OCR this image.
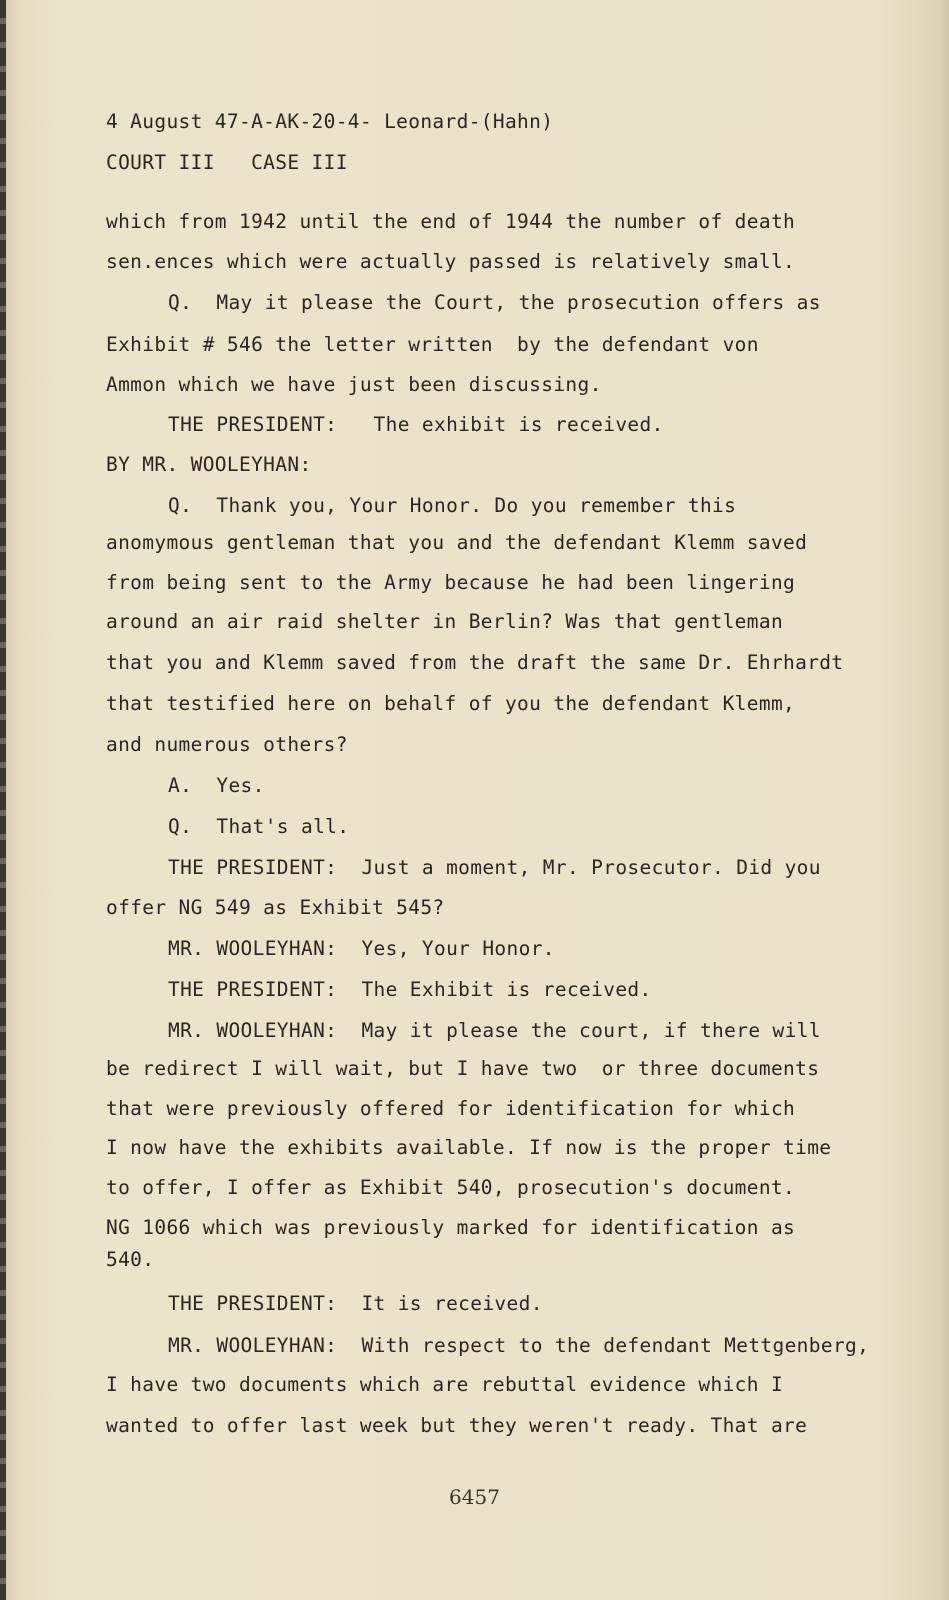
4 August 47-A-AK-20-4- Leonard-(Hahn)
COURT III   CASE III
which from 1942 until the end of 1944 the number of death
sen.ences which were actually passed is relatively small.
Q.  May it please the Court, the prosecution offers as
Exhibit # 546 the letter written  by the defendant von
Ammon which we have just been discussing.
THE PRESIDENT:   The exhibit is received.
BY MR. WOOLEYHAN:
Q.  Thank you, Your Honor. Do you remember this
anomymous gentleman that you and the defendant Klemm saved
from being sent to the Army because he had been lingering
around an air raid shelter in Berlin? Was that gentleman
that you and Klemm saved from the draft the same Dr. Ehrhardt
that testified here on behalf of you the defendant Klemm,
and numerous others?
A.  Yes.
Q.  That's all.
THE PRESIDENT:  Just a moment, Mr. Prosecutor. Did you
offer NG 549 as Exhibit 545?
MR. WOOLEYHAN:  Yes, Your Honor.
THE PRESIDENT:  The Exhibit is received.
MR. WOOLEYHAN:  May it please the court, if there will
be redirect I will wait, but I have two  or three documents
that were previously offered for identification for which
I now have the exhibits available. If now is the proper time
to offer, I offer as Exhibit 540, prosecution's document.
NG 1066 which was previously marked for identification as
540.
THE PRESIDENT:  It is received.
MR. WOOLEYHAN:  With respect to the defendant Mettgenberg,
I have two documents which are rebuttal evidence which I
wanted to offer last week but they weren't ready. That are
6457
